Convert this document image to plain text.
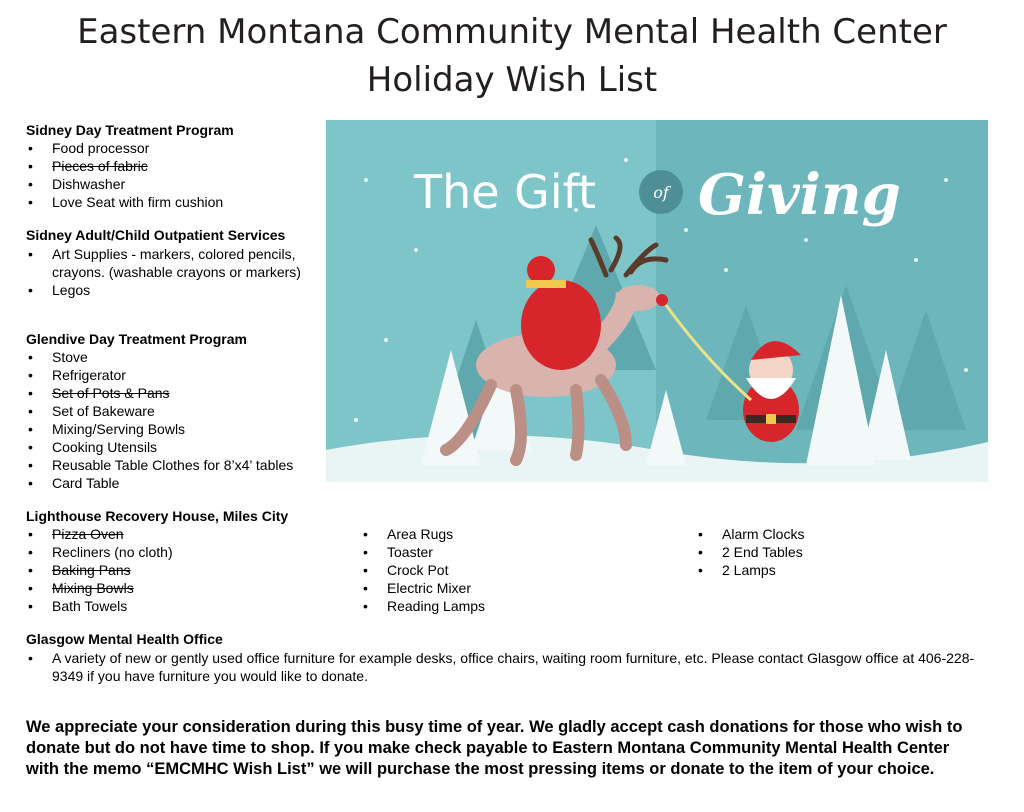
Eastern Montana Community Mental Health Center
Holiday Wish List
Sidney Day Treatment Program
• Food processor
• Pieces of fabric
• Dishwasher
• Love Seat with firm cushion
Sidney Adult/Child Outpatient Services
• Art Supplies - markers, colored pencils, crayons. (washable crayons or markers)
• Legos
Glendive Day Treatment Program
• Stove
• Refrigerator
• Set of Pots & Pans
• Set of Bakeware
• Mixing/Serving Bowls
• Cooking Utensils
• Reusable Table Clothes for 8’x4’ tables
• Card Table
Lighthouse Recovery House, Miles City
• Pizza Oven
• Recliners (no cloth)
• Baking Pans
• Mixing Bowls
• Bath Towels
• Area Rugs
• Toaster
• Crock Pot
• Electric Mixer
• Reading Lamps
• Alarm Clocks
• 2 End Tables
• 2 Lamps
Glasgow Mental Health Office
• A variety of new or gently used office furniture for example desks, office chairs, waiting room furniture, etc. Please contact Glasgow office at 406-228-9349 if you have furniture you would like to donate.

We appreciate your consideration during this busy time of year. We gladly accept cash donations for those who wish to donate but do not have time to shop. If you make check payable to Eastern Montana Community Mental Health Center with the memo “EMCMHC Wish List” we will purchase the most pressing items or donate to the item of your choice.

The Gift	of Giving
